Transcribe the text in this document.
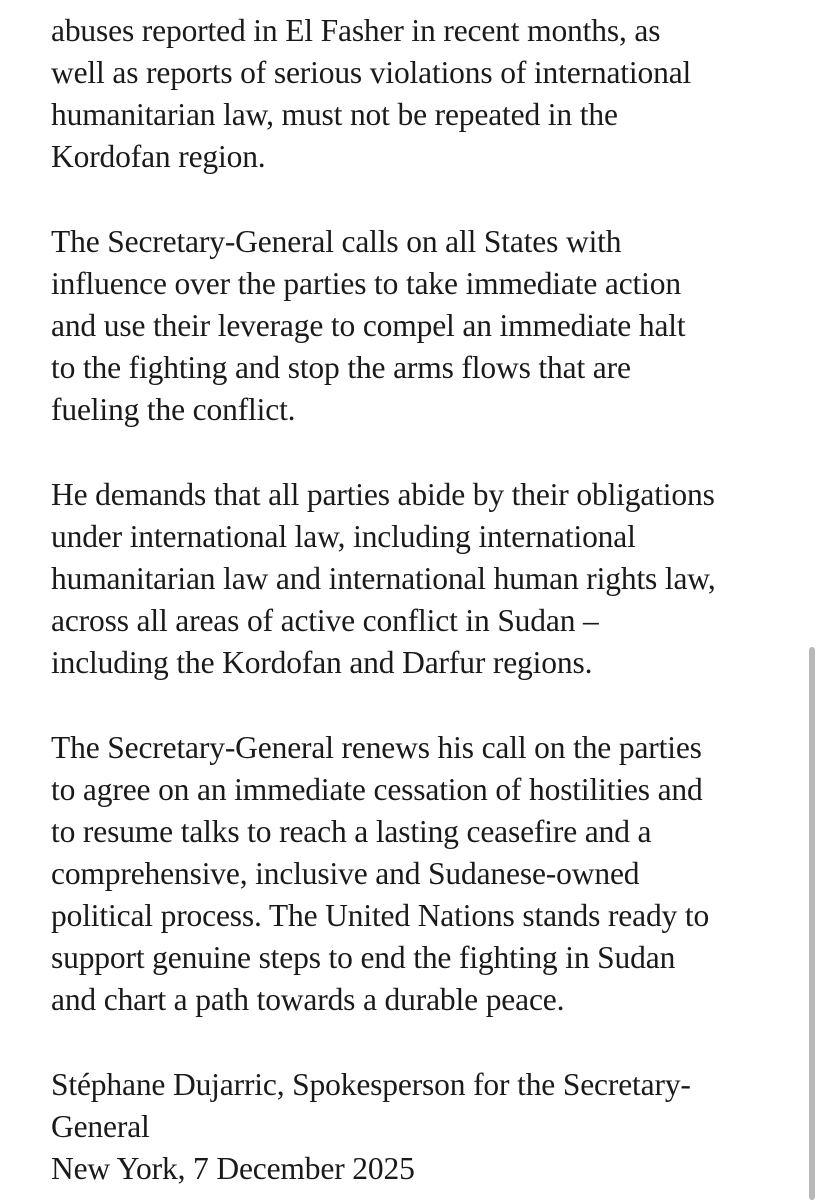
abuses reported in El Fasher in recent months, as
well as reports of serious violations of international
humanitarian law, must not be repeated in the
Kordofan region.
The Secretary-General calls on all States with
influence over the parties to take immediate action
and use their leverage to compel an immediate halt
to the fighting and stop the arms flows that are
fueling the conflict.
He demands that all parties abide by their obligations
under international law, including international
humanitarian law and international human rights law,
across all areas of active conflict in Sudan –
including the Kordofan and Darfur regions.
The Secretary-General renews his call on the parties
to agree on an immediate cessation of hostilities and
to resume talks to reach a lasting ceasefire and a
comprehensive, inclusive and Sudanese-owned
political process. The United Nations stands ready to
support genuine steps to end the fighting in Sudan
and chart a path towards a durable peace.
Stéphane Dujarric, Spokesperson for the Secretary-
General
New York, 7 December 2025
